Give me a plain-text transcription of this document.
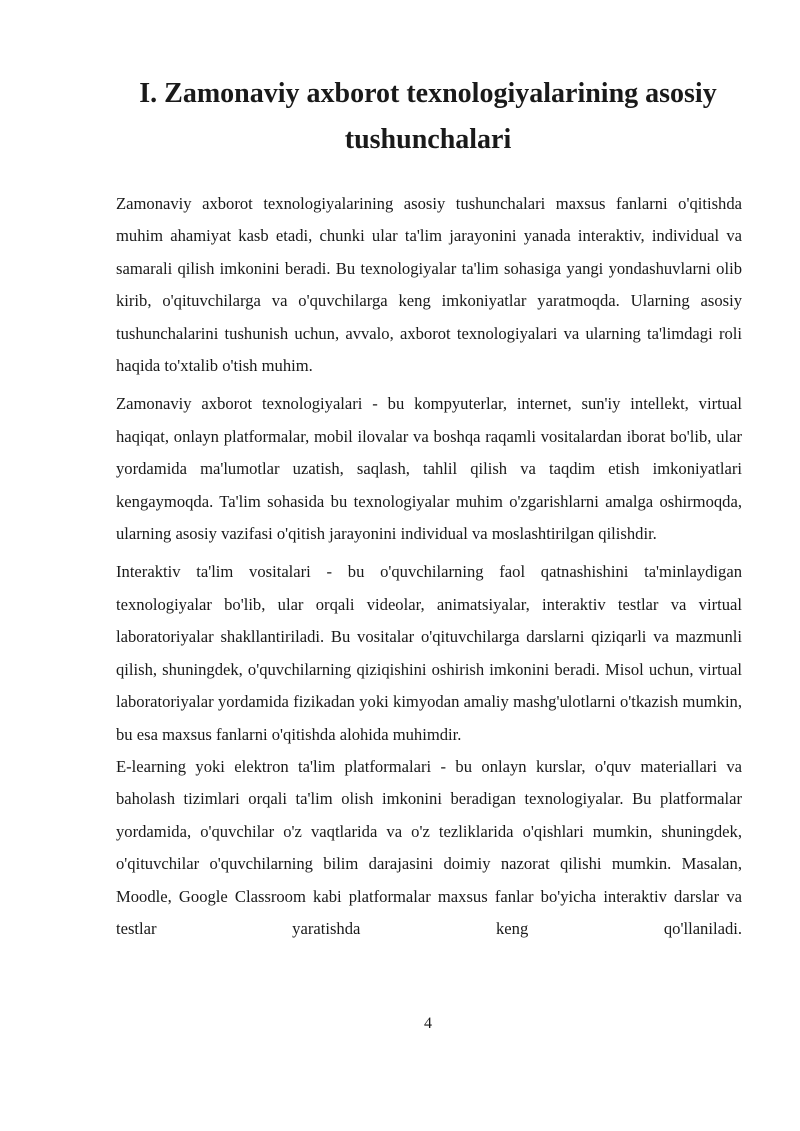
I. Zamonaviy axborot texnologiyalarining asosiy
tushunchalari

Zamonaviy axborot texnologiyalarining asosiy tushunchalari maxsus fanlarni o'qitishda muhim ahamiyat kasb etadi, chunki ular ta'lim jarayonini yanada interaktiv, individual va samarali qilish imkonini beradi. Bu texnologiyalar ta'lim sohasiga yangi yondashuvlarni olib kirib, o'qituvchilarga va o'quvchilarga keng imkoniyatlar yaratmoqda. Ularning asosiy tushunchalarini tushunish uchun, avvalo, axborot texnologiyalari va ularning ta'limdagi roli haqida to'xtalib o'tish muhim.

Zamonaviy axborot texnologiyalari - bu kompyuterlar, internet, sun'iy intellekt, virtual haqiqat, onlayn platformalar, mobil ilovalar va boshqa raqamli vositalardan iborat bo'lib, ular yordamida ma'lumotlar uzatish, saqlash, tahlil qilish va taqdim etish imkoniyatlari kengaymoqda. Ta'lim sohasida bu texnologiyalar muhim o'zgarishlarni amalga oshirmoqda, ularning asosiy vazifasi o'qitish jarayonini individual va moslashtirilgan qilishdir.

Interaktiv ta'lim vositalari - bu o'quvchilarning faol qatnashishini ta'minlaydigan texnologiyalar bo'lib, ular orqali videolar, animatsiyalar, interaktiv testlar va virtual laboratoriyalar shakllantiriladi. Bu vositalar o'qituvchilarga darslarni qiziqarli va mazmunli qilish, shuningdek, o'quvchilarning qiziqishini oshirish imkonini beradi. Misol uchun, virtual laboratoriyalar yordamida fizikadan yoki kimyodan amaliy mashg'ulotlarni o'tkazish mumkin, bu esa maxsus fanlarni o'qitishda alohida muhimdir.

E-learning yoki elektron ta'lim platformalari - bu onlayn kurslar, o'quv materiallari va baholash tizimlari orqali ta'lim olish imkonini beradigan texnologiyalar. Bu platformalar yordamida, o'quvchilar o'z vaqtlarida va o'z tezliklarida o'qishlari mumkin, shuningdek, o'qituvchilar o'quvchilarning bilim darajasini doimiy nazorat qilishi mumkin. Masalan, Moodle, Google Classroom kabi platformalar maxsus fanlar bo'yicha interaktiv darslar va testlar yaratishda keng qo'llaniladi.

4
